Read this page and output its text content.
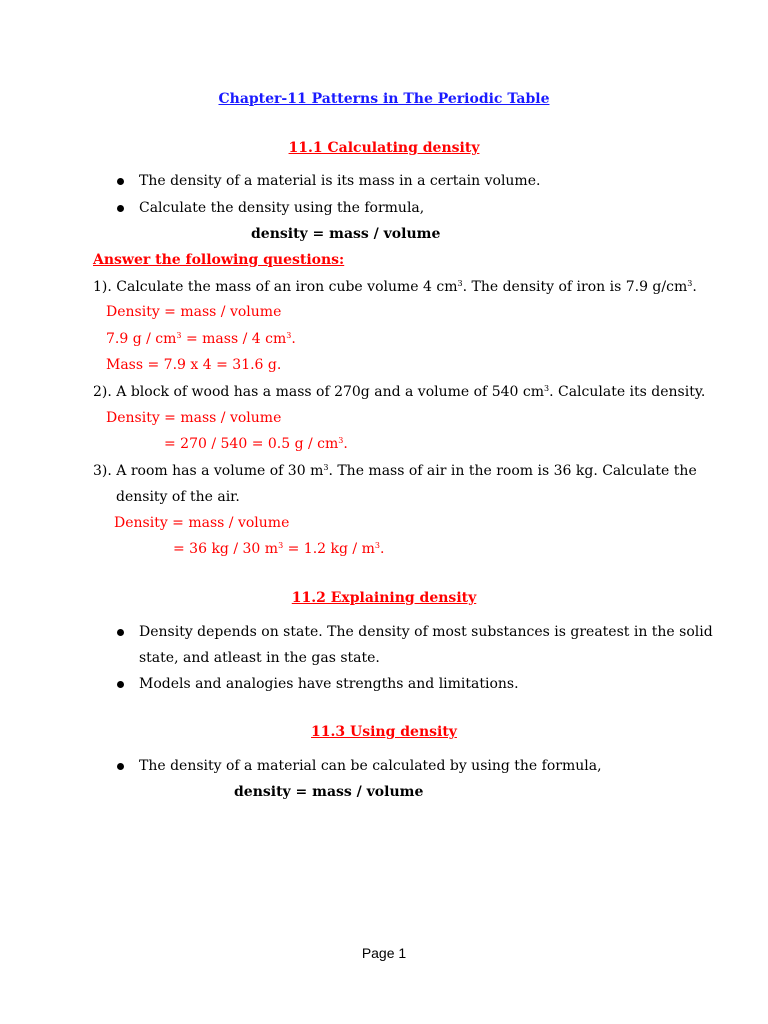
Chapter-11 Patterns in The Periodic Table
11.1 Calculating density
The density of a material is its mass in a certain volume.
Calculate the density using the formula,
density = mass / volume
Answer the following questions:
1). Calculate the mass of an iron cube volume 4 $cm^3$. The density of iron is 7.9 $g/cm^3$.
Density = mass / volume
7.9 g / $cm^3$ = mass / 4 $cm^3$.
Mass = 7.9 x 4 = 31.6 g.
2). A block of wood has a mass of 270g and a volume of 540 $cm^3$. Calculate its density.
Density = mass / volume
= 270 / 540 = 0.5 g / $cm^3$.
3). A room has a volume of 30 $m^3$. The mass of air in the room is 36 kg. Calculate the
density of the air.
Density = mass / volume
= 36 kg / 30 $m^3 = 1.2$ kg / $m^3$.
11.2 Explaining density
Density depends on state. The density of most substances is greatest in the solid
state, and atleast in the gas state.
Models and analogies have strengths and limitations.
11.3 Using density
The density of a material can be calculated by using the formula,
density = mass / volume
Page 1
